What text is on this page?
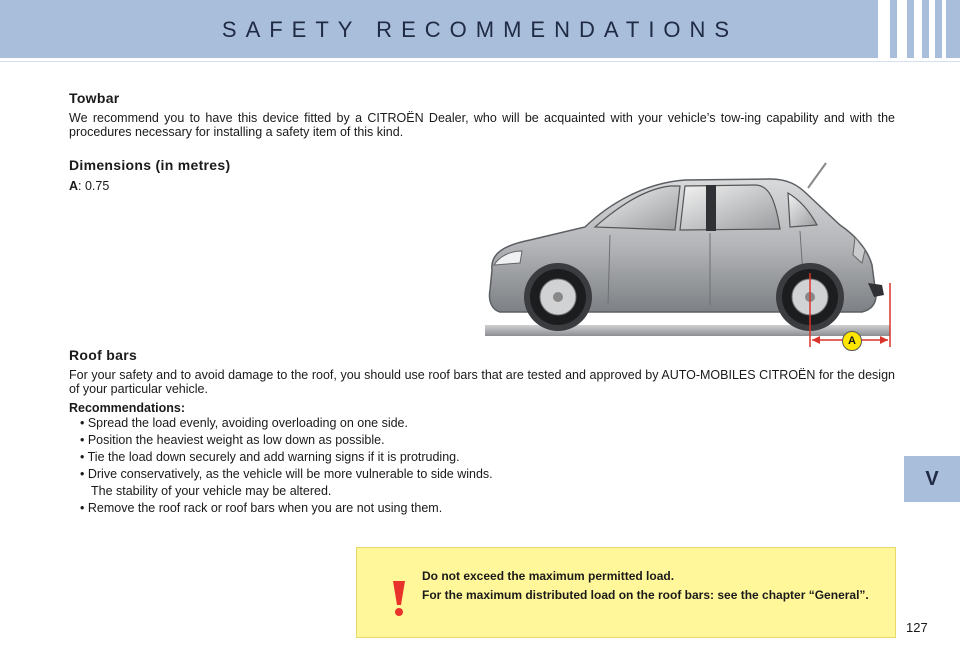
SAFETY RECOMMENDATIONS
V
Towbar

We recommend you to have this device fitted by a CITROËN Dealer, who will be acquainted with your vehicle’s tow-ing capability and with the procedures necessary for installing a safety item of this kind.

Dimensions (in metres)

A: 0.75

A
Roof bars

For your safety and to avoid damage to the roof, you should use roof bars that are tested and approved by AUTO-MOBILES CITROËN for the design of your particular vehicle.

Recommendations:

• Spread the load evenly, avoiding overloading on one side.
• Position the heaviest weight as low down as possible.
• Tie the load down securely and add warning signs if it is protruding.
• Drive conservatively, as the vehicle will be more vulnerable to side winds.
The stability of your vehicle may be altered.
• Remove the roof rack or roof bars when you are not using them.
Do not exceed the maximum permitted load.
For the maximum distributed load on the roof bars: see the chapter “General”.
127
